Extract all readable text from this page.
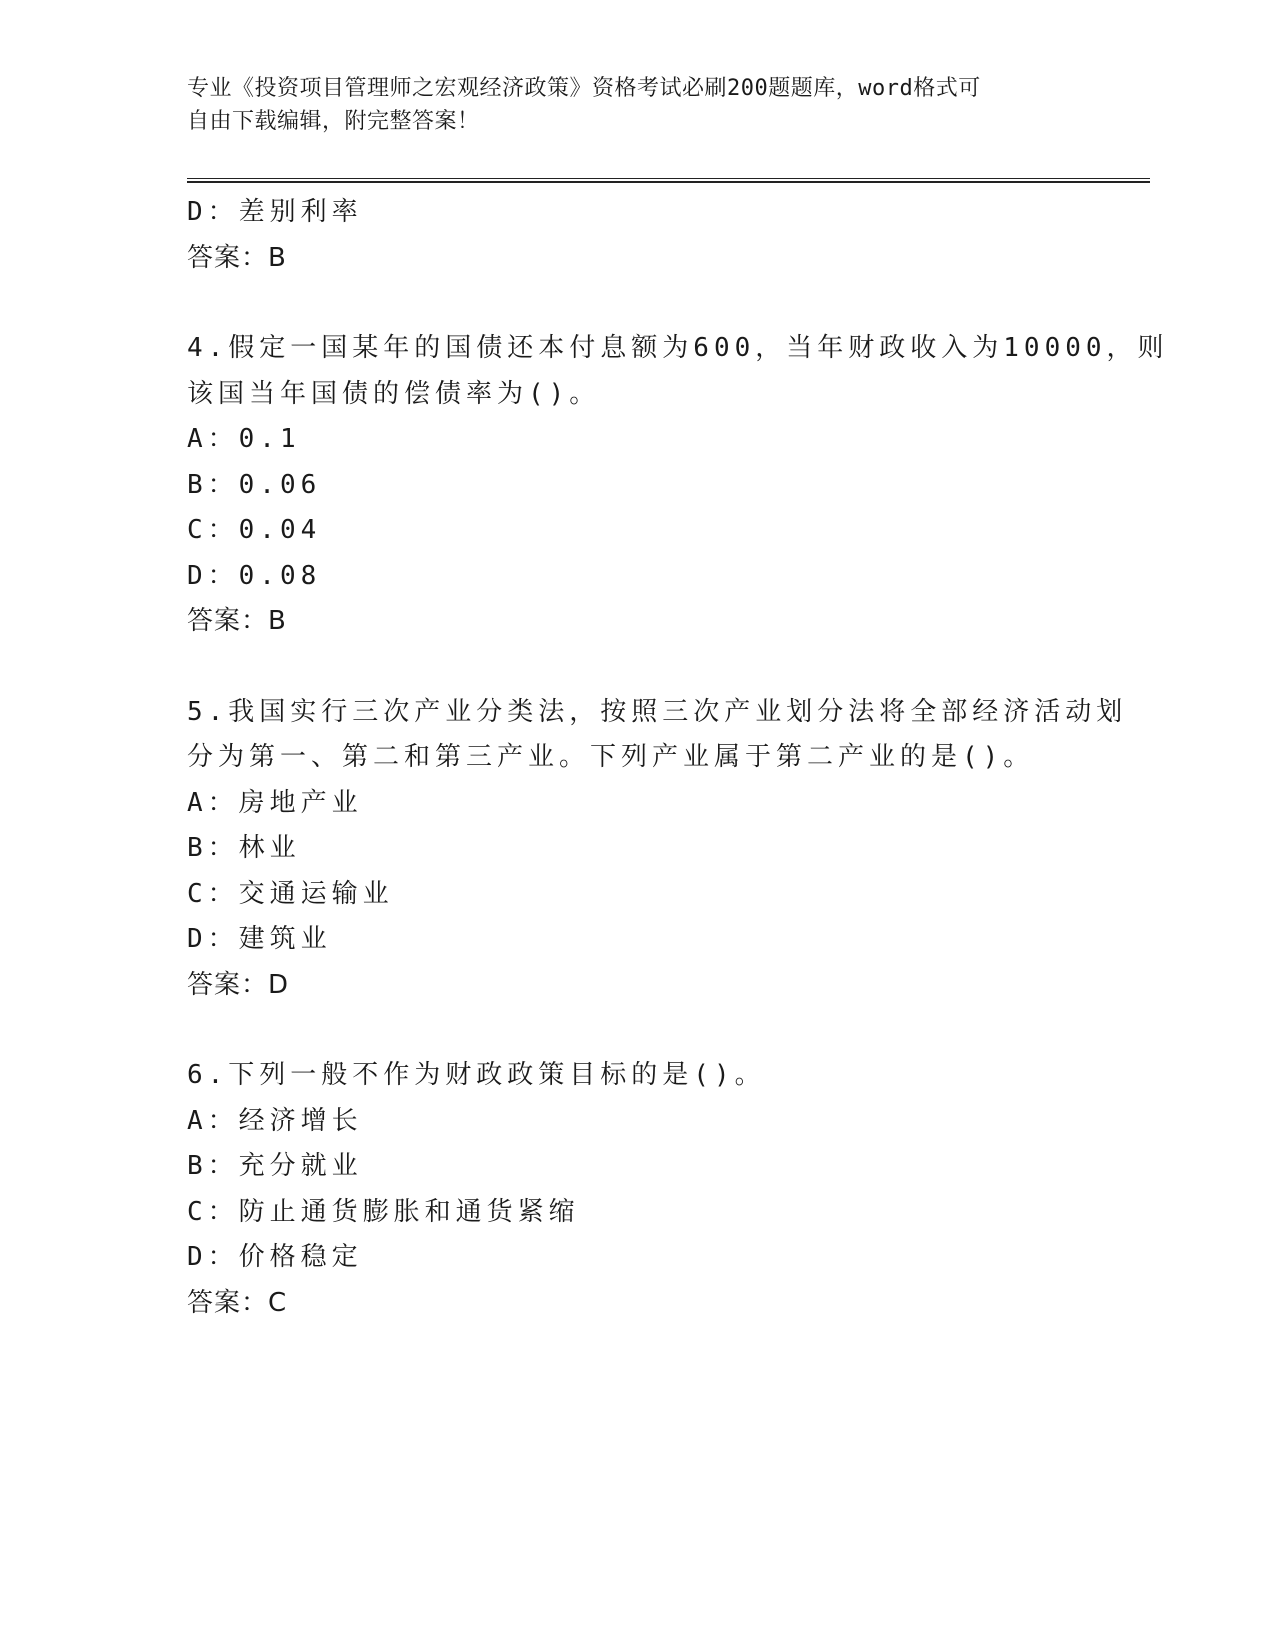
专业《投资项目管理师之宏观经济政策》资格考试必刷200题题库，word格式可
自由下载编辑，附完整答案！
D：差别利率
答案：B
4.假定一国某年的国债还本付息额为600，当年财政收入为10000，则
该国当年国债的偿债率为()。
A：0.1
B：0.06
C：0.04
D：0.08
答案：B
5.我国实行三次产业分类法，按照三次产业划分法将全部经济活动划
分为第一、第二和第三产业。下列产业属于第二产业的是()。
A：房地产业
B：林业
C：交通运输业
D：建筑业
答案：D
6.下列一般不作为财政政策目标的是()。
A：经济增长
B：充分就业
C：防止通货膨胀和通货紧缩
D：价格稳定
答案：C
